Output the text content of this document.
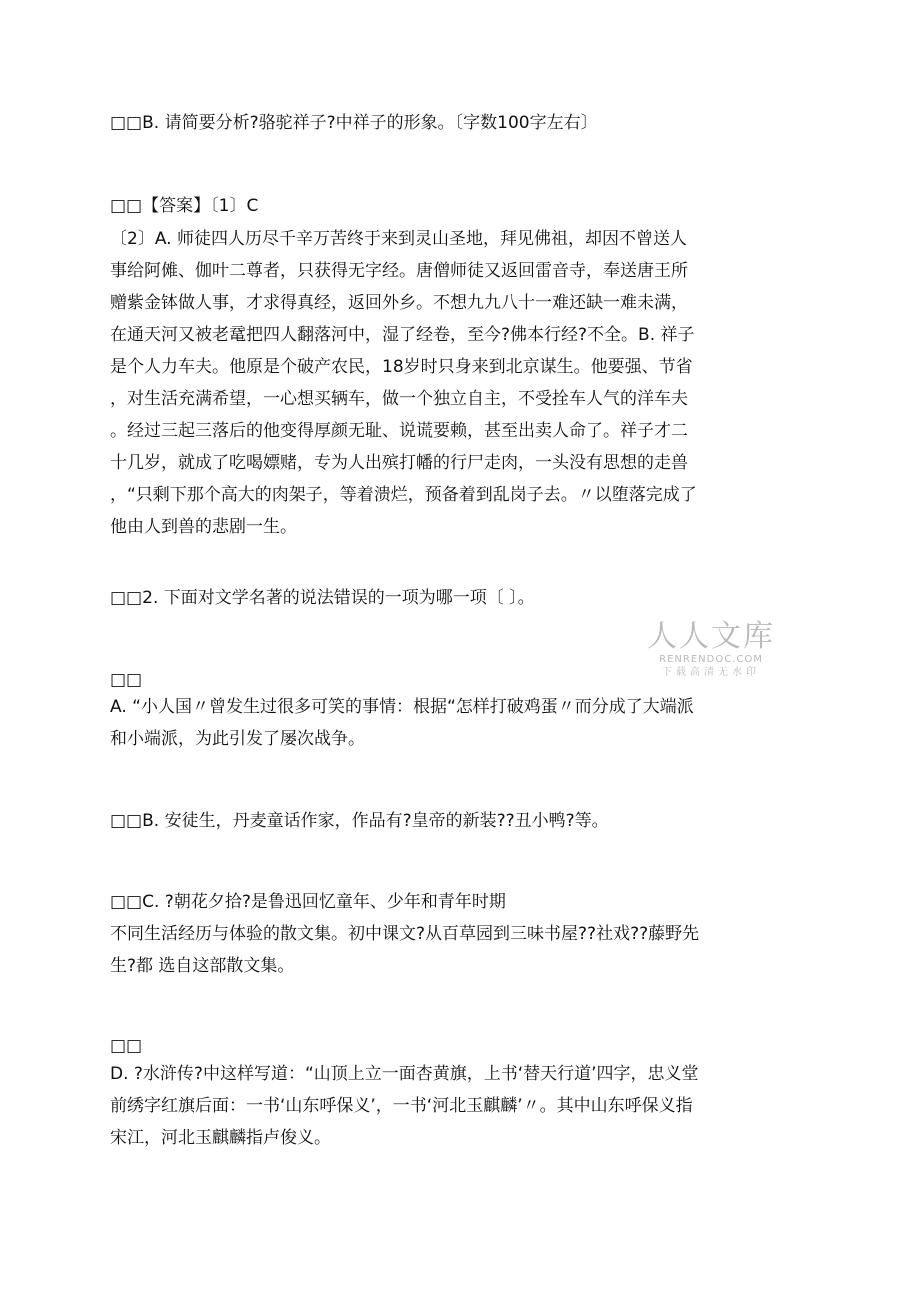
□□B. 请简要分析?骆驼祥子?中祥子的形象。〔字数100字左右〕
□□【答案】〔1〕C
〔2〕A. 师徒四人历尽千辛万苦终于来到灵山圣地，拜见佛祖，却因不曾送人
事给阿傩、伽叶二尊者，只获得无字经。唐僧师徒又返回雷音寺，奉送唐王所
赠紫金钵做人事，才求得真经，返回外乡。不想九九八十一难还缺一难未满，
在通天河又被老鼋把四人翻落河中，湿了经卷，至今?佛本行经?不全。B. 祥子
是个人力车夫。他原是个破产农民，18岁时只身来到北京谋生。他要强、节省
，对生活充满希望，一心想买辆车，做一个独立自主，不受拴车人气的洋车夫
。经过三起三落后的他变得厚颜无耻、说谎要赖，甚至出卖人命了。祥子才二
十几岁，就成了吃喝嫖赌，专为人出殡打幡的行尸走肉，一头没有思想的走兽
，“只剩下那个高大的肉架子，等着溃烂，预备着到乱岗子去。〃以堕落完成了
他由人到兽的悲剧一生。
□□2. 下面对文学名著的说法错误的一项为哪一项〔 〕。
人人文库
RENRENDOC.COM
下载高清无水印
□□
A. “小人国〃曾发生过很多可笑的事情：根据“怎样打破鸡蛋〃而分成了大端派
和小端派，为此引发了屡次战争。
□□B. 安徒生，丹麦童话作家，作品有?皇帝的新装??丑小鸭?等。
□□C. ?朝花夕拾?是鲁迅回忆童年、少年和青年时期
不同生活经历与体验的散文集。初中课文?从百草园到三味书屋??社戏??藤野先
生?都 选自这部散文集。
□□
D. ?水浒传?中这样写道：“山顶上立一面杏黄旗，上书‘替天行道’四字，忠义堂
前绣字红旗后面：一书‘山东呼保义’，一书‘河北玉麒麟’〃。其中山东呼保义指
宋江，河北玉麒麟指卢俊义。
